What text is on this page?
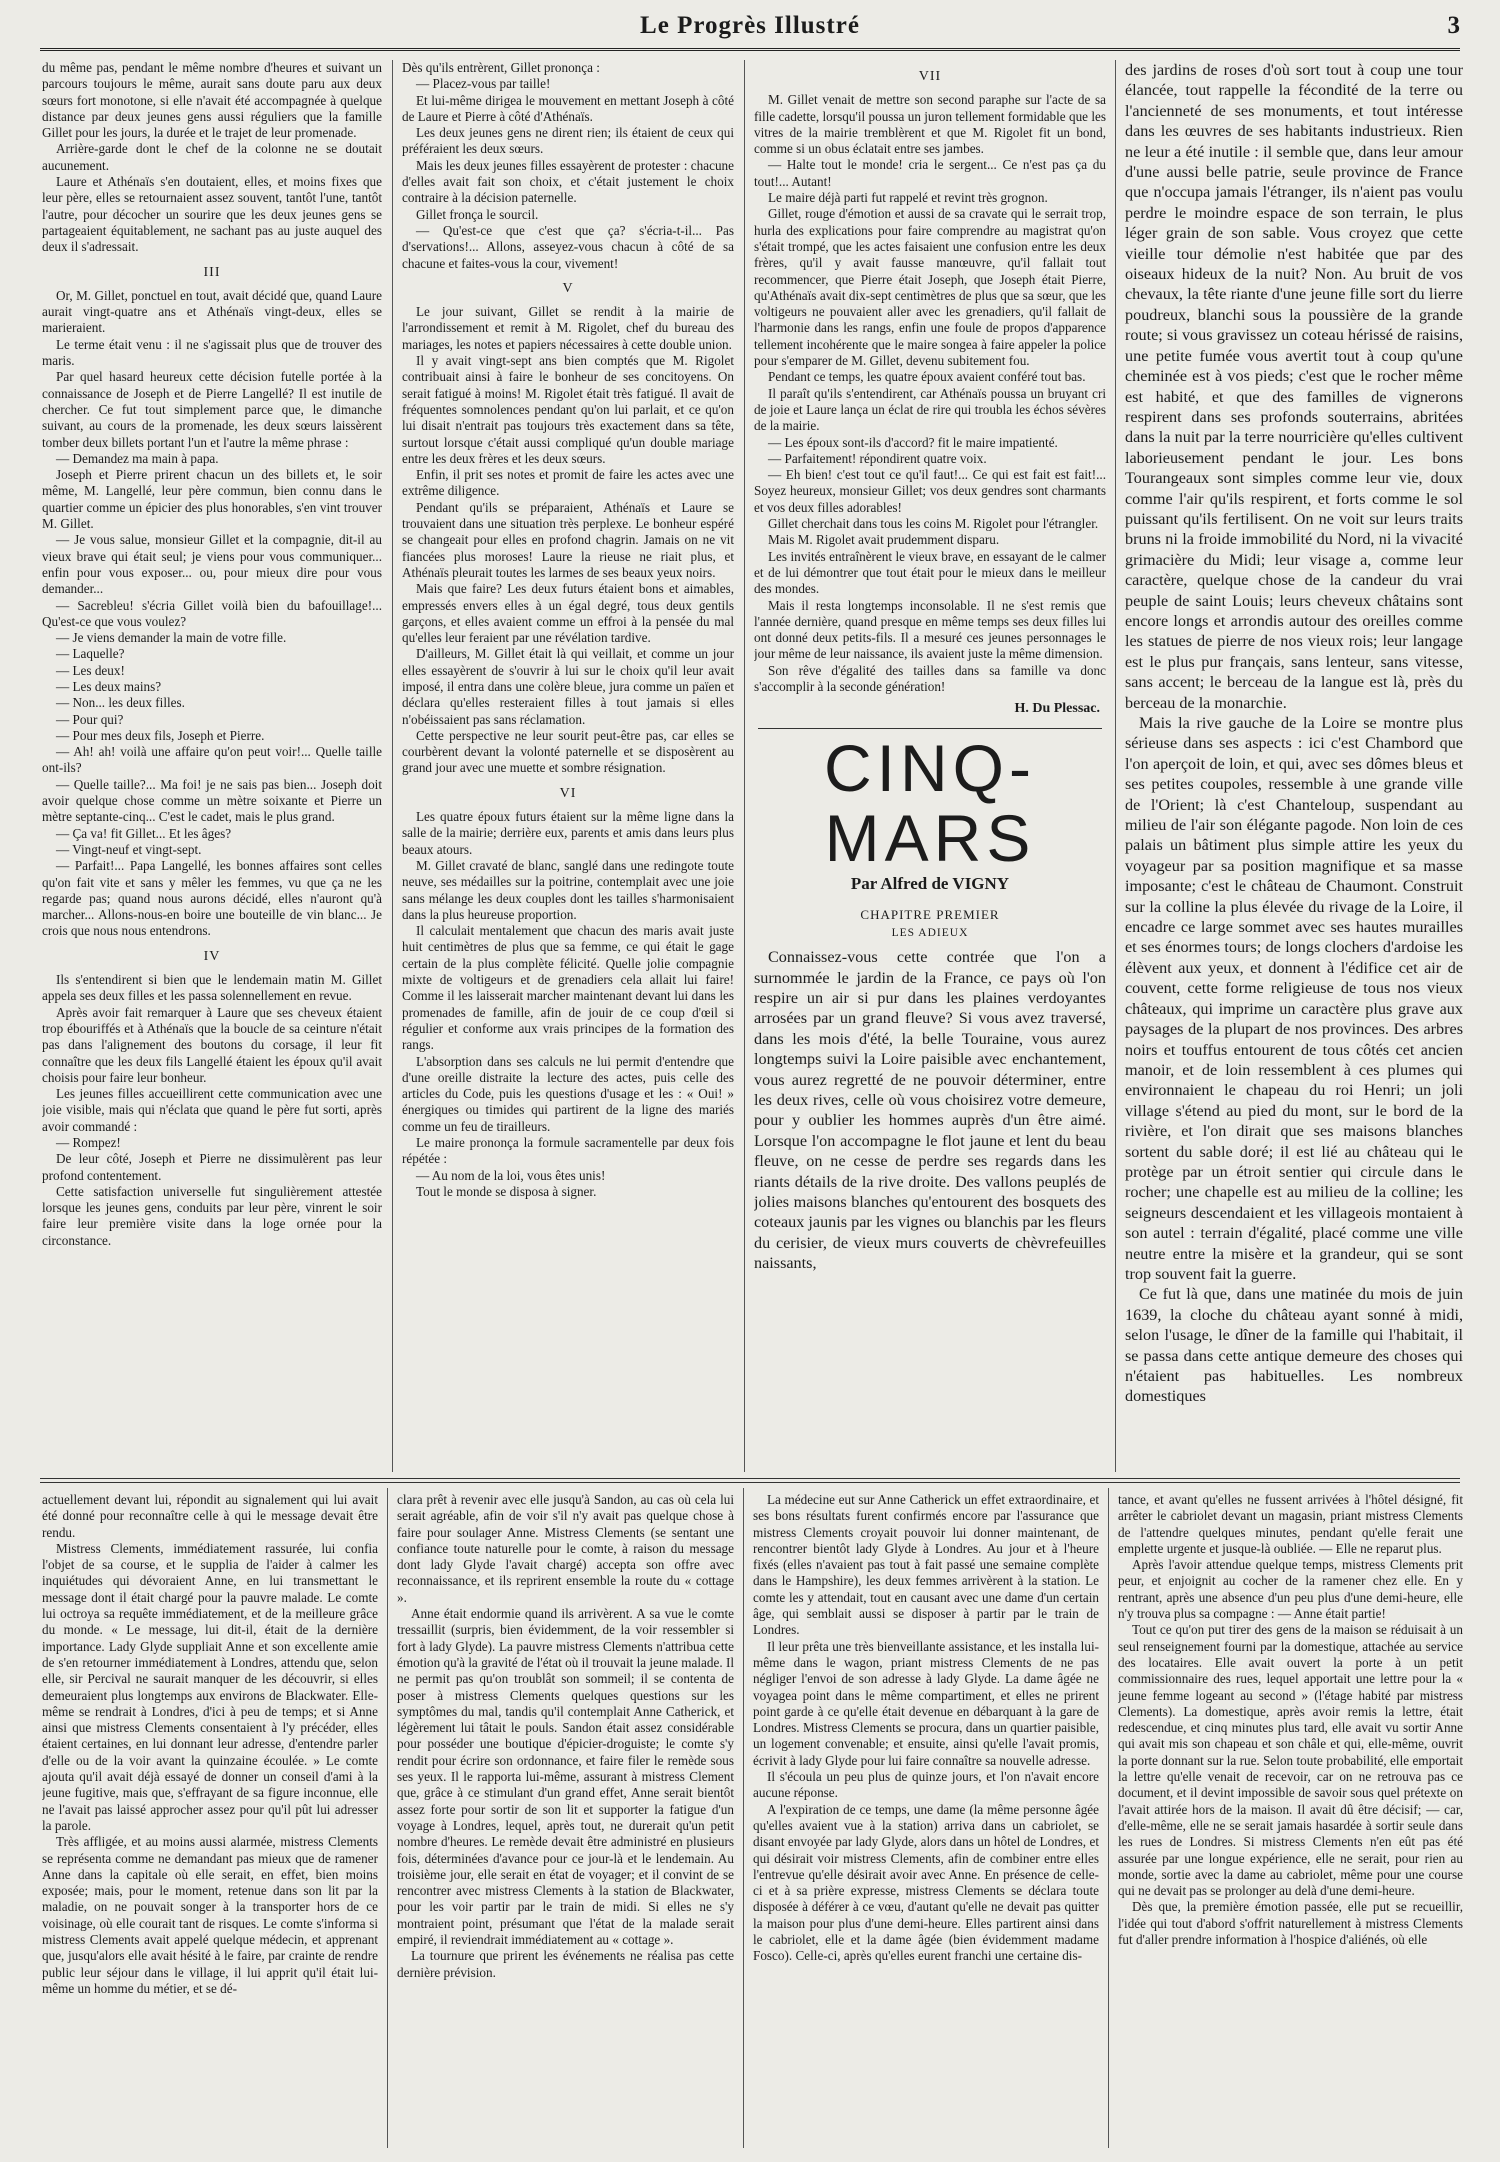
Le Progrès Illustré	3

du même pas, pendant le même nombre d'heures et suivant un parcours toujours le même, aurait sans doute paru aux deux sœurs fort monotone, si elle n'avait été accompagnée à quelque distance par deux jeunes gens aussi réguliers que la famille Gillet pour les jours, la durée et le trajet de leur promenade.

Arrière-garde dont le chef de la colonne ne se doutait aucunement.

Laure et Athénaïs s'en doutaient, elles, et moins fixes que leur père, elles se retournaient assez souvent, tantôt l'une, tantôt l'autre, pour décocher un sourire que les deux jeunes gens se partageaient équitablement, ne sachant pas au juste auquel des deux il s'adressait.

III

Or, M. Gillet, ponctuel en tout, avait décidé que, quand Laure aurait vingt-quatre ans et Athénaïs vingt-deux, elles se marieraient.

Le terme était venu : il ne s'agissait plus que de trouver des maris.

Par quel hasard heureux cette décision futelle portée à la connaissance de Joseph et de Pierre Langellé? Il est inutile de chercher. Ce fut tout simplement parce que, le dimanche suivant, au cours de la promenade, les deux sœurs laissèrent tomber deux billets portant l'un et l'autre la même phrase :

— Demandez ma main à papa.

Joseph et Pierre prirent chacun un des billets et, le soir même, M. Langellé, leur père commun, bien connu dans le quartier comme un épicier des plus honorables, s'en vint trouver M. Gillet.

— Je vous salue, monsieur Gillet et la compagnie, dit-il au vieux brave qui était seul; je viens pour vous communiquer... enfin pour vous exposer... ou, pour mieux dire pour vous demander...

— Sacrebleu! s'écria Gillet voilà bien du bafouillage!... Qu'est-ce que vous voulez?

— Je viens demander la main de votre fille.

— Laquelle?

— Les deux!

— Les deux mains?

— Non... les deux filles.

— Pour qui?

— Pour mes deux fils, Joseph et Pierre.

— Ah! ah! voilà une affaire qu'on peut voir!... Quelle taille ont-ils?

— Quelle taille?... Ma foi! je ne sais pas bien... Joseph doit avoir quelque chose comme un mètre soixante et Pierre un mètre septante-cinq... C'est le cadet, mais le plus grand.

— Ça va! fit Gillet... Et les âges?

— Vingt-neuf et vingt-sept.

— Parfait!... Papa Langellé, les bonnes affaires sont celles qu'on fait vite et sans y mêler les femmes, vu que ça ne les regarde pas; quand nous aurons décidé, elles n'auront qu'à marcher... Allons-nous-en boire une bouteille de vin blanc... Je crois que nous nous entendrons.

IV

Ils s'entendirent si bien que le lendemain matin M. Gillet appela ses deux filles et les passa solennellement en revue.

Après avoir fait remarquer à Laure que ses cheveux étaient trop ébouriffés et à Athénaïs que la boucle de sa ceinture n'était pas dans l'alignement des boutons du corsage, il leur fit connaître que les deux fils Langellé étaient les époux qu'il avait choisis pour faire leur bonheur.

Les jeunes filles accueillirent cette communication avec une joie visible, mais qui n'éclata que quand le père fut sorti, après avoir commandé :

— Rompez!

De leur côté, Joseph et Pierre ne dissimulèrent pas leur profond contentement.

Cette satisfaction universelle fut singulièrement attestée lorsque les jeunes gens, conduits par leur père, vinrent le soir faire leur première visite dans la loge ornée pour la circonstance.

Dès qu'ils entrèrent, Gillet prononça :

— Placez-vous par taille!

Et lui-même dirigea le mouvement en mettant Joseph à côté de Laure et Pierre à côté d'Athénaïs.

Les deux jeunes gens ne dirent rien; ils étaient de ceux qui préféraient les deux sœurs.

Mais les deux jeunes filles essayèrent de protester : chacune d'elles avait fait son choix, et c'était justement le choix contraire à la décision paternelle.

Gillet fronça le sourcil.

— Qu'est-ce que c'est que ça? s'écria-t-il... Pas d'servations!... Allons, asseyez-vous chacun à côté de sa chacune et faites-vous la cour, vivement!

V

Le jour suivant, Gillet se rendit à la mairie de l'arrondissement et remit à M. Rigolet, chef du bureau des mariages, les notes et papiers nécessaires à cette double union.

Il y avait vingt-sept ans bien comptés que M. Rigolet contribuait ainsi à faire le bonheur de ses concitoyens. On serait fatigué à moins! M. Rigolet était très fatigué. Il avait de fréquentes somnolences pendant qu'on lui parlait, et ce qu'on lui disait n'entrait pas toujours très exactement dans sa tête, surtout lorsque c'était aussi compliqué qu'un double mariage entre les deux frères et les deux sœurs.

Enfin, il prit ses notes et promit de faire les actes avec une extrême diligence.

Pendant qu'ils se préparaient, Athénaïs et Laure se trouvaient dans une situation très perplexe. Le bonheur espéré se changeait pour elles en profond chagrin. Jamais on ne vit fiancées plus moroses! Laure la rieuse ne riait plus, et Athénaïs pleurait toutes les larmes de ses beaux yeux noirs.

Mais que faire? Les deux futurs étaient bons et aimables, empressés envers elles à un égal degré, tous deux gentils garçons, et elles avaient comme un effroi à la pensée du mal qu'elles leur feraient par une révélation tardive.

D'ailleurs, M. Gillet était là qui veillait, et comme un jour elles essayèrent de s'ouvrir à lui sur le choix qu'il leur avait imposé, il entra dans une colère bleue, jura comme un païen et déclara qu'elles resteraient filles à tout jamais si elles n'obéissaient pas sans réclamation.

Cette perspective ne leur sourit peut-être pas, car elles se courbèrent devant la volonté paternelle et se disposèrent au grand jour avec une muette et sombre résignation.

VI

Les quatre époux futurs étaient sur la même ligne dans la salle de la mairie; derrière eux, parents et amis dans leurs plus beaux atours.

M. Gillet cravaté de blanc, sanglé dans une redingote toute neuve, ses médailles sur la poitrine, contemplait avec une joie sans mélange les deux couples dont les tailles s'harmonisaient dans la plus heureuse proportion.

Il calculait mentalement que chacun des maris avait juste huit centimètres de plus que sa femme, ce qui était le gage certain de la plus complète félicité. Quelle jolie compagnie mixte de voltigeurs et de grenadiers cela allait lui faire! Comme il les laisserait marcher maintenant devant lui dans les promenades de famille, afin de jouir de ce coup d'œil si régulier et conforme aux vrais principes de la formation des rangs.

L'absorption dans ses calculs ne lui permit d'entendre que d'une oreille distraite la lecture des actes, puis celle des articles du Code, puis les questions d'usage et les : « Oui! » énergiques ou timides qui partirent de la ligne des mariés comme un feu de tirailleurs.

Le maire prononça la formule sacramentelle par deux fois répétée :

— Au nom de la loi, vous êtes unis!

Tout le monde se disposa à signer.

VII

M. Gillet venait de mettre son second paraphe sur l'acte de sa fille cadette, lorsqu'il poussa un juron tellement formidable que les vitres de la mairie tremblèrent et que M. Rigolet fit un bond, comme si un obus éclatait entre ses jambes.

— Halte tout le monde! cria le sergent... Ce n'est pas ça du tout!... Autant!

Le maire déjà parti fut rappelé et revint très grognon.

Gillet, rouge d'émotion et aussi de sa cravate qui le serrait trop, hurla des explications pour faire comprendre au magistrat qu'on s'était trompé, que les actes faisaient une confusion entre les deux frères, qu'il y avait fausse manœuvre, qu'il fallait tout recommencer, que Pierre était Joseph, que Joseph était Pierre, qu'Athénaïs avait dix-sept centimètres de plus que sa sœur, que les voltigeurs ne pouvaient aller avec les grenadiers, qu'il fallait de l'harmonie dans les rangs, enfin une foule de propos d'apparence tellement incohérente que le maire songea à faire appeler la police pour s'emparer de M. Gillet, devenu subitement fou.

Pendant ce temps, les quatre époux avaient conféré tout bas.

Il paraît qu'ils s'entendirent, car Athénaïs poussa un bruyant cri de joie et Laure lança un éclat de rire qui troubla les échos sévères de la mairie.

— Les époux sont-ils d'accord? fit le maire impatienté.

— Parfaitement! répondirent quatre voix.

— Eh bien! c'est tout ce qu'il faut!... Ce qui est fait est fait!... Soyez heureux, monsieur Gillet; vos deux gendres sont charmants et vos deux filles adorables!

Gillet cherchait dans tous les coins M. Rigolet pour l'étrangler.

Mais M. Rigolet avait prudemment disparu.

Les invités entraînèrent le vieux brave, en essayant de le calmer et de lui démontrer que tout était pour le mieux dans le meilleur des mondes.

Mais il resta longtemps inconsolable. Il ne s'est remis que l'année dernière, quand presque en même temps ses deux filles lui ont donné deux petits-fils. Il a mesuré ces jeunes personnages le jour même de leur naissance, ils avaient juste la même dimension.

Son rêve d'égalité des tailles dans sa famille va donc s'accomplir à la seconde génération!

H. Du Plessac.

CINQ-MARS

Par Alfred de VIGNY

CHAPITRE PREMIER

LES ADIEUX

Connaissez-vous cette contrée que l'on a surnommée le jardin de la France, ce pays où l'on respire un air si pur dans les plaines verdoyantes arrosées par un grand fleuve? Si vous avez traversé, dans les mois d'été, la belle Touraine, vous aurez longtemps suivi la Loire paisible avec enchantement, vous aurez regretté de ne pouvoir déterminer, entre les deux rives, celle où vous choisirez votre demeure, pour y oublier les hommes auprès d'un être aimé. Lorsque l'on accompagne le flot jaune et lent du beau fleuve, on ne cesse de perdre ses regards dans les riants détails de la rive droite. Des vallons peuplés de jolies maisons blanches qu'entourent des bosquets des coteaux jaunis par les vignes ou blanchis par les fleurs du cerisier, de vieux murs couverts de chèvrefeuilles naissants,

des jardins de roses d'où sort tout à coup une tour élancée, tout rappelle la fécondité de la terre ou l'ancienneté de ses monuments, et tout intéresse dans les œuvres de ses habitants industrieux. Rien ne leur a été inutile : il semble que, dans leur amour d'une aussi belle patrie, seule province de France que n'occupa jamais l'étranger, ils n'aient pas voulu perdre le moindre espace de son terrain, le plus léger grain de son sable. Vous croyez que cette vieille tour démolie n'est habitée que par des oiseaux hideux de la nuit? Non. Au bruit de vos chevaux, la tête riante d'une jeune fille sort du lierre poudreux, blanchi sous la poussière de la grande route; si vous gravissez un coteau hérissé de raisins, une petite fumée vous avertit tout à coup qu'une cheminée est à vos pieds; c'est que le rocher même est habité, et que des familles de vignerons respirent dans ses profonds souterrains, abritées dans la nuit par la terre nourricière qu'elles cultivent laborieusement pendant le jour. Les bons Tourangeaux sont simples comme leur vie, doux comme l'air qu'ils respirent, et forts comme le sol puissant qu'ils fertilisent. On ne voit sur leurs traits bruns ni la froide immobilité du Nord, ni la vivacité grimacière du Midi; leur visage a, comme leur caractère, quelque chose de la candeur du vrai peuple de saint Louis; leurs cheveux châtains sont encore longs et arrondis autour des oreilles comme les statues de pierre de nos vieux rois; leur langage est le plus pur français, sans lenteur, sans vitesse, sans accent; le berceau de la langue est là, près du berceau de la monarchie.

Mais la rive gauche de la Loire se montre plus sérieuse dans ses aspects : ici c'est Chambord que l'on aperçoit de loin, et qui, avec ses dômes bleus et ses petites coupoles, ressemble à une grande ville de l'Orient; là c'est Chanteloup, suspendant au milieu de l'air son élégante pagode. Non loin de ces palais un bâtiment plus simple attire les yeux du voyageur par sa position magnifique et sa masse imposante; c'est le château de Chaumont. Construit sur la colline la plus élevée du rivage de la Loire, il encadre ce large sommet avec ses hautes murailles et ses énormes tours; de longs clochers d'ardoise les élèvent aux yeux, et donnent à l'édifice cet air de couvent, cette forme religieuse de tous nos vieux châteaux, qui imprime un caractère plus grave aux paysages de la plupart de nos provinces. Des arbres noirs et touffus entourent de tous côtés cet ancien manoir, et de loin ressemblent à ces plumes qui environnaient le chapeau du roi Henri; un joli village s'étend au pied du mont, sur le bord de la rivière, et l'on dirait que ses maisons blanches sortent du sable doré; il est lié au château qui le protège par un étroit sentier qui circule dans le rocher; une chapelle est au milieu de la colline; les seigneurs descendaient et les villageois montaient à son autel : terrain d'égalité, placé comme une ville neutre entre la misère et la grandeur, qui se sont trop souvent fait la guerre.

Ce fut là que, dans une matinée du mois de juin 1639, la cloche du château ayant sonné à midi, selon l'usage, le dîner de la famille qui l'habitait, il se passa dans cette antique demeure des choses qui n'étaient pas habituelles. Les nombreux domestiques

actuellement devant lui, répondit au signalement qui lui avait été donné pour reconnaître celle à qui le message devait être rendu.

Mistress Clements, immédiatement rassurée, lui confia l'objet de sa course, et le supplia de l'aider à calmer les inquiétudes qui dévoraient Anne, en lui transmettant le message dont il était chargé pour la pauvre malade. Le comte lui octroya sa requête immédiatement, et de la meilleure grâce du monde. « Le message, lui dit-il, était de la dernière importance. Lady Glyde suppliait Anne et son excellente amie de s'en retourner immédiatement à Londres, attendu que, selon elle, sir Percival ne saurait manquer de les découvrir, si elles demeuraient plus longtemps aux environs de Blackwater. Elle-même se rendrait à Londres, d'ici à peu de temps; et si Anne ainsi que mistress Clements consentaient à l'y précéder, elles étaient certaines, en lui donnant leur adresse, d'entendre parler d'elle ou de la voir avant la quinzaine écoulée. » Le comte ajouta qu'il avait déjà essayé de donner un conseil d'ami à la jeune fugitive, mais que, s'effrayant de sa figure inconnue, elle ne l'avait pas laissé approcher assez pour qu'il pût lui adresser la parole.

Très affligée, et au moins aussi alarmée, mistress Clements se représenta comme ne demandant pas mieux que de ramener Anne dans la capitale où elle serait, en effet, bien moins exposée; mais, pour le moment, retenue dans son lit par la maladie, on ne pouvait songer à la transporter hors de ce voisinage, où elle courait tant de risques. Le comte s'informa si mistress Clements avait appelé quelque médecin, et apprenant que, jusqu'alors elle avait hésité à le faire, par crainte de rendre public leur séjour dans le village, il lui apprit qu'il était lui-même un homme du métier, et se dé-

clara prêt à revenir avec elle jusqu'à Sandon, au cas où cela lui serait agréable, afin de voir s'il n'y avait pas quelque chose à faire pour soulager Anne. Mistress Clements (se sentant une confiance toute naturelle pour le comte, à raison du message dont lady Glyde l'avait chargé) accepta son offre avec reconnaissance, et ils reprirent ensemble la route du « cottage ».

Anne était endormie quand ils arrivèrent. A sa vue le comte tressaillit (surpris, bien évidemment, de la voir ressembler si fort à lady Glyde). La pauvre mistress Clements n'attribua cette émotion qu'à la gravité de l'état où il trouvait la jeune malade. Il ne permit pas qu'on troublât son sommeil; il se contenta de poser à mistress Clements quelques questions sur les symptômes du mal, tandis qu'il contemplait Anne Catherick, et légèrement lui tâtait le pouls. Sandon était assez considérable pour posséder une boutique d'épicier-droguiste; le comte s'y rendit pour écrire son ordonnance, et faire filer le remède sous ses yeux. Il le rapporta lui-même, assurant à mistress Clement que, grâce à ce stimulant d'un grand effet, Anne serait bientôt assez forte pour sortir de son lit et supporter la fatigue d'un voyage à Londres, lequel, après tout, ne durerait qu'un petit nombre d'heures. Le remède devait être administré en plusieurs fois, déterminées d'avance pour ce jour-là et le lendemain. Au troisième jour, elle serait en état de voyager; et il convint de se rencontrer avec mistress Clements à la station de Blackwater, pour les voir partir par le train de midi. Si elles ne s'y montraient point, présumant que l'état de la malade serait empiré, il reviendrait immédiatement au « cottage ».

La tournure que prirent les événements ne réalisa pas cette dernière prévision.

La médecine eut sur Anne Catherick un effet extraordinaire, et ses bons résultats furent confirmés encore par l'assurance que mistress Clements croyait pouvoir lui donner maintenant, de rencontrer bientôt lady Glyde à Londres. Au jour et à l'heure fixés (elles n'avaient pas tout à fait passé une semaine complète dans le Hampshire), les deux femmes arrivèrent à la station. Le comte les y attendait, tout en causant avec une dame d'un certain âge, qui semblait aussi se disposer à partir par le train de Londres.

Il leur prêta une très bienveillante assistance, et les installa lui-même dans le wagon, priant mistress Clements de ne pas négliger l'envoi de son adresse à lady Glyde. La dame âgée ne voyagea point dans le même compartiment, et elles ne prirent point garde à ce qu'elle était devenue en débarquant à la gare de Londres. Mistress Clements se procura, dans un quartier paisible, un logement convenable; et ensuite, ainsi qu'elle l'avait promis, écrivit à lady Glyde pour lui faire connaître sa nouvelle adresse.

Il s'écoula un peu plus de quinze jours, et l'on n'avait encore aucune réponse.

A l'expiration de ce temps, une dame (la même personne âgée qu'elles avaient vue à la station) arriva dans un cabriolet, se disant envoyée par lady Glyde, alors dans un hôtel de Londres, et qui désirait voir mistress Clements, afin de combiner entre elles l'entrevue qu'elle désirait avoir avec Anne. En présence de celle-ci et à sa prière expresse, mistress Clements se déclara toute disposée à déférer à ce vœu, d'autant qu'elle ne devait pas quitter la maison pour plus d'une demi-heure. Elles partirent ainsi dans le cabriolet, elle et la dame âgée (bien évidemment madame Fosco). Celle-ci, après qu'elles eurent franchi une certaine dis-

tance, et avant qu'elles ne fussent arrivées à l'hôtel désigné, fit arrêter le cabriolet devant un magasin, priant mistress Clements de l'attendre quelques minutes, pendant qu'elle ferait une emplette urgente et jusque-là oubliée. — Elle ne reparut plus.

Après l'avoir attendue quelque temps, mistress Clements prit peur, et enjoignit au cocher de la ramener chez elle. En y rentrant, après une absence d'un peu plus d'une demi-heure, elle n'y trouva plus sa compagne : — Anne était partie!

Tout ce qu'on put tirer des gens de la maison se réduisait à un seul renseignement fourni par la domestique, attachée au service des locataires. Elle avait ouvert la porte à un petit commissionnaire des rues, lequel apportait une lettre pour la « jeune femme logeant au second » (l'étage habité par mistress Clements). La domestique, après avoir remis la lettre, était redescendue, et cinq minutes plus tard, elle avait vu sortir Anne qui avait mis son chapeau et son châle et qui, elle-même, ouvrit la porte donnant sur la rue. Selon toute probabilité, elle emportait la lettre qu'elle venait de recevoir, car on ne retrouva pas ce document, et il devint impossible de savoir sous quel prétexte on l'avait attirée hors de la maison. Il avait dû être décisif; — car, d'elle-même, elle ne se serait jamais hasardée à sortir seule dans les rues de Londres. Si mistress Clements n'en eût pas été assurée par une longue expérience, elle ne serait, pour rien au monde, sortie avec la dame au cabriolet, même pour une course qui ne devait pas se prolonger au delà d'une demi-heure.

Dès que, la première émotion passée, elle put se recueillir, l'idée qui tout d'abord s'offrit naturellement à mistress Clements fut d'aller prendre information à l'hospice d'aliénés, où elle
